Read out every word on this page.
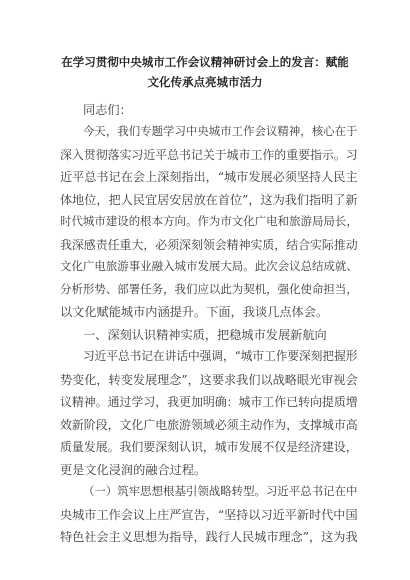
在学习贯彻中央城市工作会议精神研讨会上的发言：赋能
文化传承点亮城市活力
同志们：
今天，我们专题学习中央城市工作会议精神，核心在于
深入贯彻落实习近平总书记关于城市工作的重要指示。习
近平总书记在会上深刻指出，“城市发展必须坚持人民主
体地位，把人民宜居安居放在首位”，这为我们指明了新
时代城市建设的根本方向。作为市文化广电和旅游局局长，
我深感责任重大，必须深刻领会精神实质，结合实际推动
文化广电旅游事业融入城市发展大局。此次会议总结成就、
分析形势、部署任务，我们应以此为契机，强化使命担当，
以文化赋能城市内涵提升。下面，我谈几点体会。
一、深刻认识精神实质，把稳城市发展新航向
习近平总书记在讲话中强调，“城市工作要深刻把握形
势变化，转变发展理念”，这要求我们以战略眼光审视会
议精神。通过学习，我更加明确：城市工作已转向提质增
效新阶段，文化广电旅游领域必须主动作为，支撑城市高
质量发展。我们要深刻认识，城市发展不仅是经济建设，
更是文化浸润的融合过程。
（一）筑牢思想根基引领战略转型。习近平总书记在中
央城市工作会议上庄严宣告，“坚持以习近平新时代中国
特色社会主义思想为指导，践行人民城市理念”，这为我
